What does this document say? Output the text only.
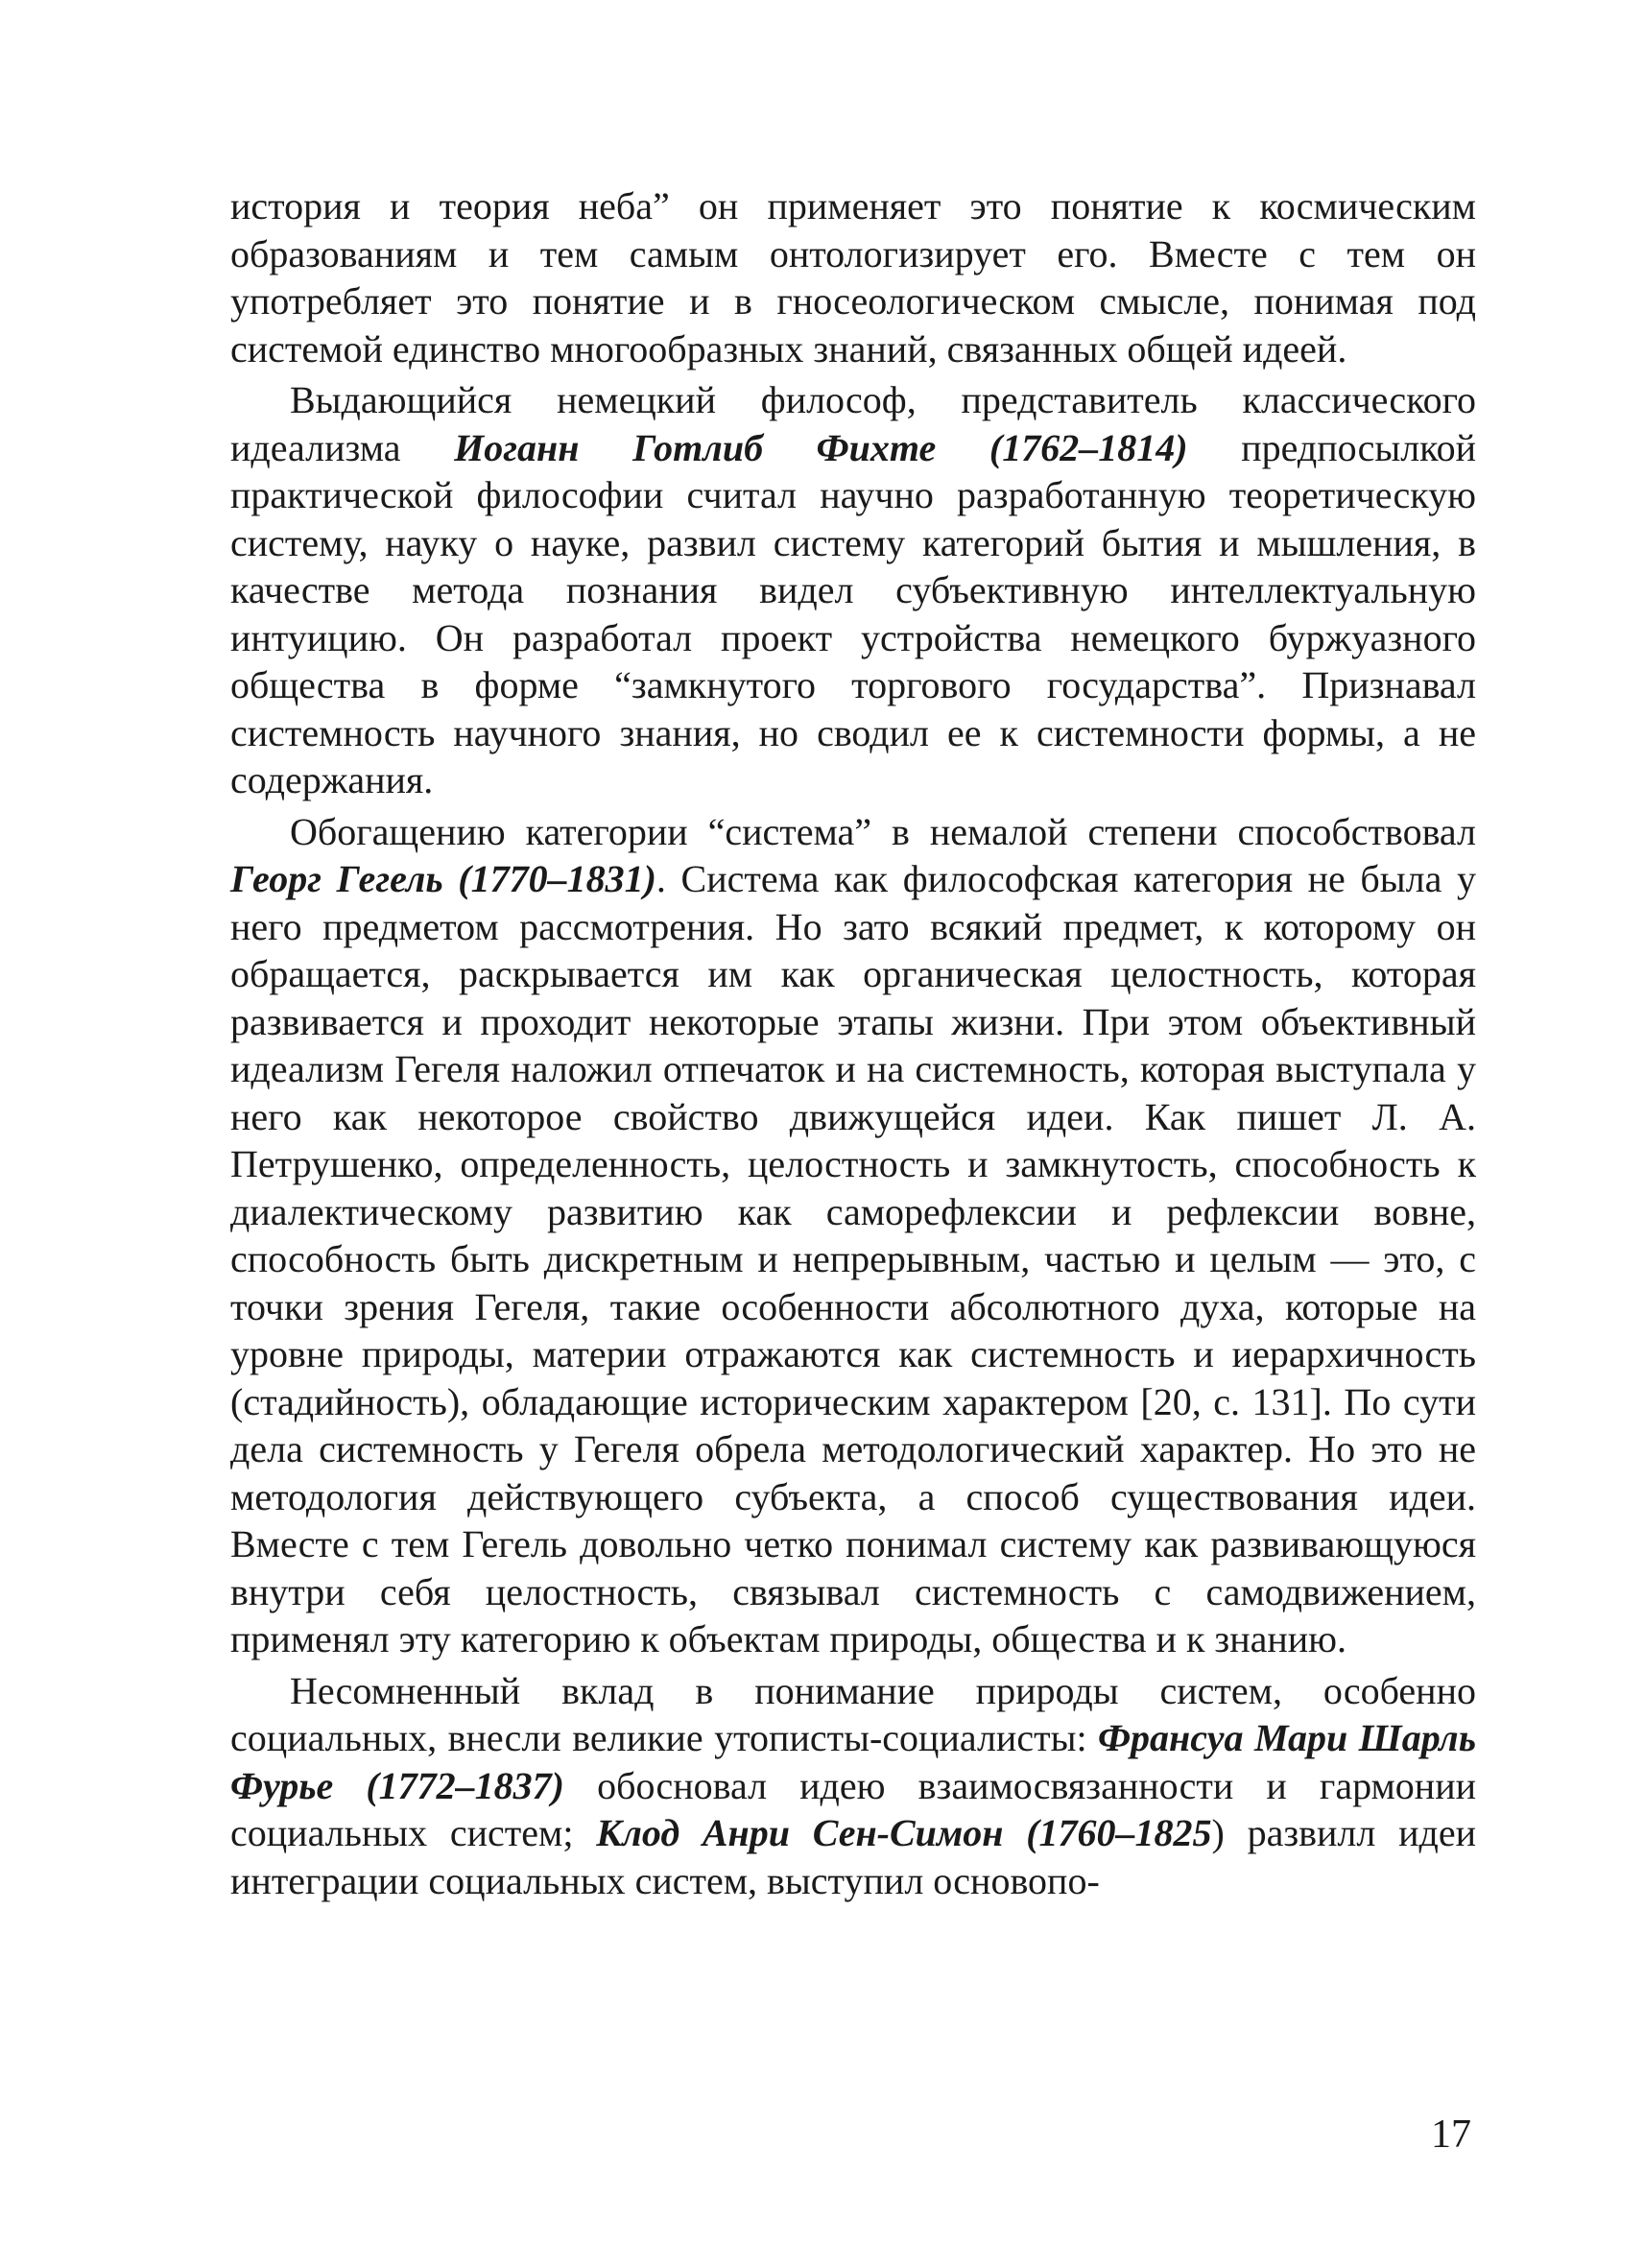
история и теория неба” он применяет это понятие к космическим образованиям и тем самым онтологизирует его. Вместе с тем он употребляет это понятие и в гносеологическом смысле, понимая под системой единство многообразных знаний, связанных общей идеей.

Выдающийся немецкий философ, представитель классического идеализма Иоганн Готлиб Фихте (1762–1814) предпосылкой практической философии считал научно разработанную теоретическую систему, науку о науке, развил систему категорий бытия и мышления, в качестве метода познания видел субъективную интеллектуальную интуицию. Он разработал проект устройства немецкого буржуазного общества в форме “замкнутого торгового государства”. Признавал системность научного знания, но сводил ее к системности формы, а не содержания.

Обогащению категории “система” в немалой степени способствовал Георг Гегель (1770–1831). Система как философская категория не была у него предметом рассмотрения. Но зато всякий предмет, к которому он обращается, раскрывается им как органическая целостность, которая развивается и проходит некоторые этапы жизни. При этом объективный идеализм Гегеля наложил отпечаток и на системность, которая выступала у него как некоторое свойство движущейся идеи. Как пишет Л. А. Петрушенко, определенность, целостность и замкнутость, способность к диалектическому развитию как саморефлексии и рефлексии вовне, способность быть дискретным и непрерывным, частью и целым — это, с точки зрения Гегеля, такие особенности абсолютного духа, которые на уровне природы, материи отражаются как системность и иерархичность (стадийность), обладающие историческим характером [20, с. 131]. По сути дела системность у Гегеля обрела методологический характер. Но это не методология действующего субъекта, а способ существования идеи. Вместе с тем Гегель довольно четко понимал систему как развивающуюся внутри себя целостность, связывал системность с самодвижением, применял эту категорию к объектам природы, общества и к знанию.

Несомненный вклад в понимание природы систем, особенно социальных, внесли великие утописты-социалисты: Франсуа Мари Шарль Фурье (1772–1837) обосновал идею взаимосвязанности и гармонии социальных систем; Клод Анри Сен-Симон (1760–1825) развилл идеи интеграции социальных систем, выступил основопо-

17
